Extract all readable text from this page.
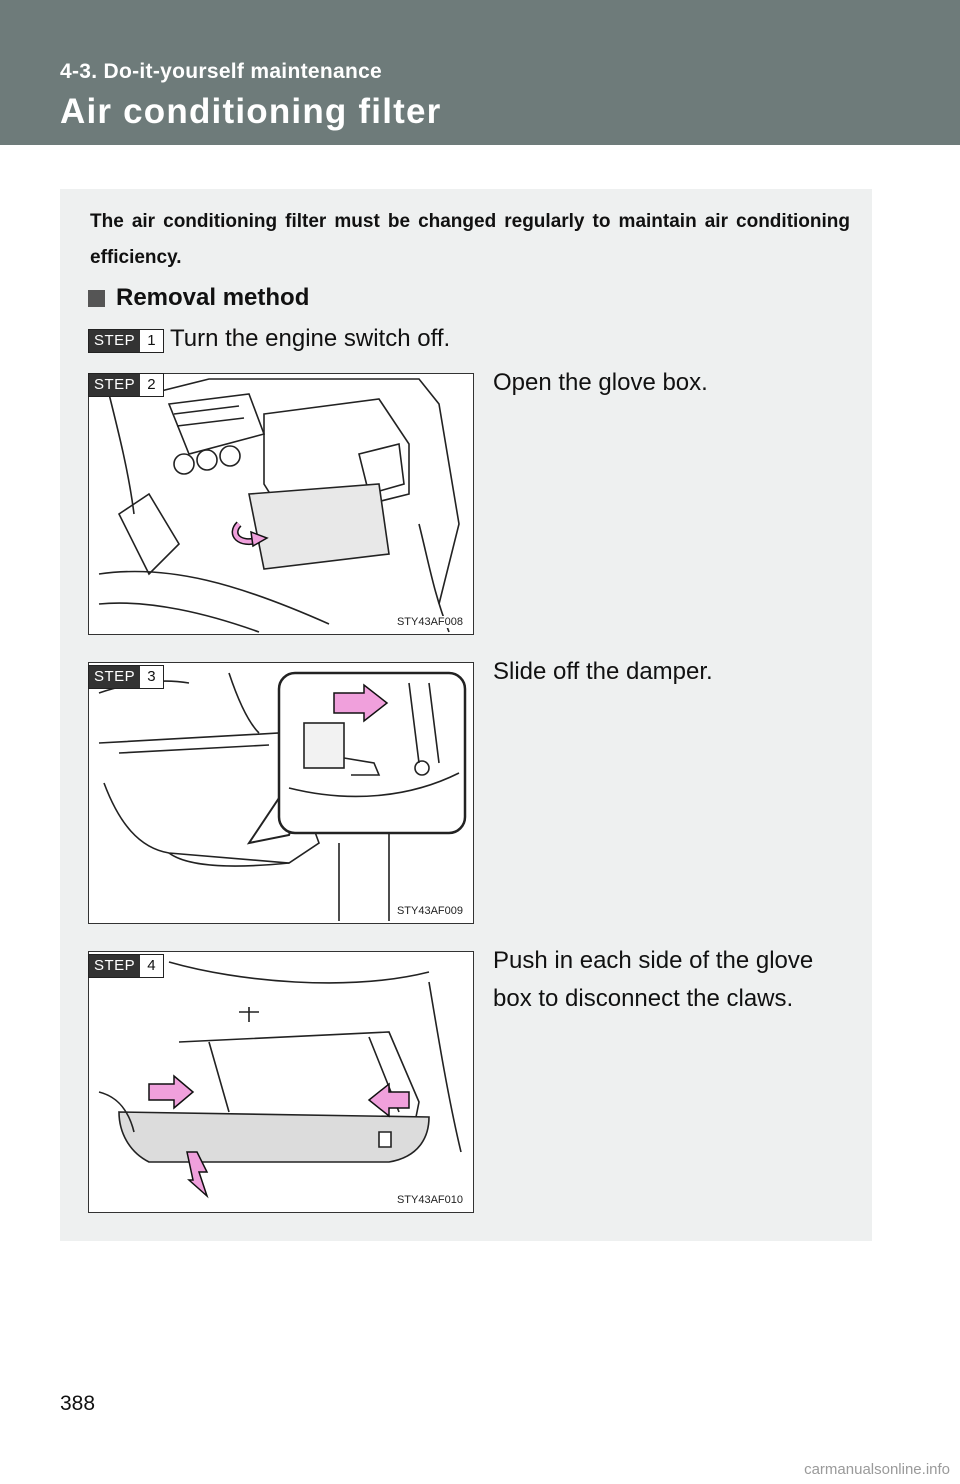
4-3. Do-it-yourself maintenance

Air conditioning filter

The air conditioning filter must be changed regularly to maintain air conditioning efficiency.

Removal method
STEP 1 Turn the engine switch off.

STY43AF008
STEP 2	Open the glove box.

STY43AF009
STEP 3	Slide off the damper.

STY43AF010
STEP 4	Push in each side of the glove box to disconnect the claws.

388

carmanualsonline.info
